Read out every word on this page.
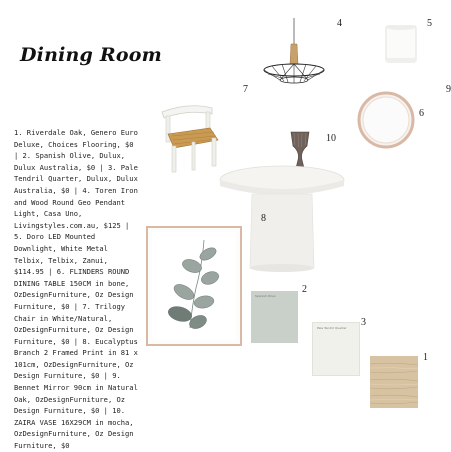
Dining Room
1. Riverdale Oak, Genero Euro Deluxe, Choices Flooring, $0 | 2. Spanish Olive, Dulux, Dulux Australia, $0 | 3. Pale Tendril Quarter, Dulux, Dulux Australia, $0 | 4. Toren Iron and Wood Round Geo Pendant Light, Casa Uno, Livingstyles.com.au, $125 | 5. Doro LED Mounted Downlight, White Metal Telbix, Telbix, Zanui, $114.95 | 6. FLINDERS ROUND DINING TABLE 150CM in bone, OzDesignFurniture, Oz Design Furniture, $0 | 7. Trilogy Chair in White/Natural, OzDesignFurniture, Oz Design Furniture, $0 | 8. Eucalyptus Branch 2 Framed Print in 81 x 101cm, OzDesignFurniture, Oz Design Furniture, $0 | 9. Bennet Mirror 90cm in Natural Oak, OzDesignFurniture, Oz Design Furniture, $0 | 10. ZAIRA VASE 16X29CM in mocha, OzDesignFurniture, Oz Design Furniture, $0
4	5
7	9
6
10
8
Spanish Olive
2
Pale Tendril Quarter 3
1
